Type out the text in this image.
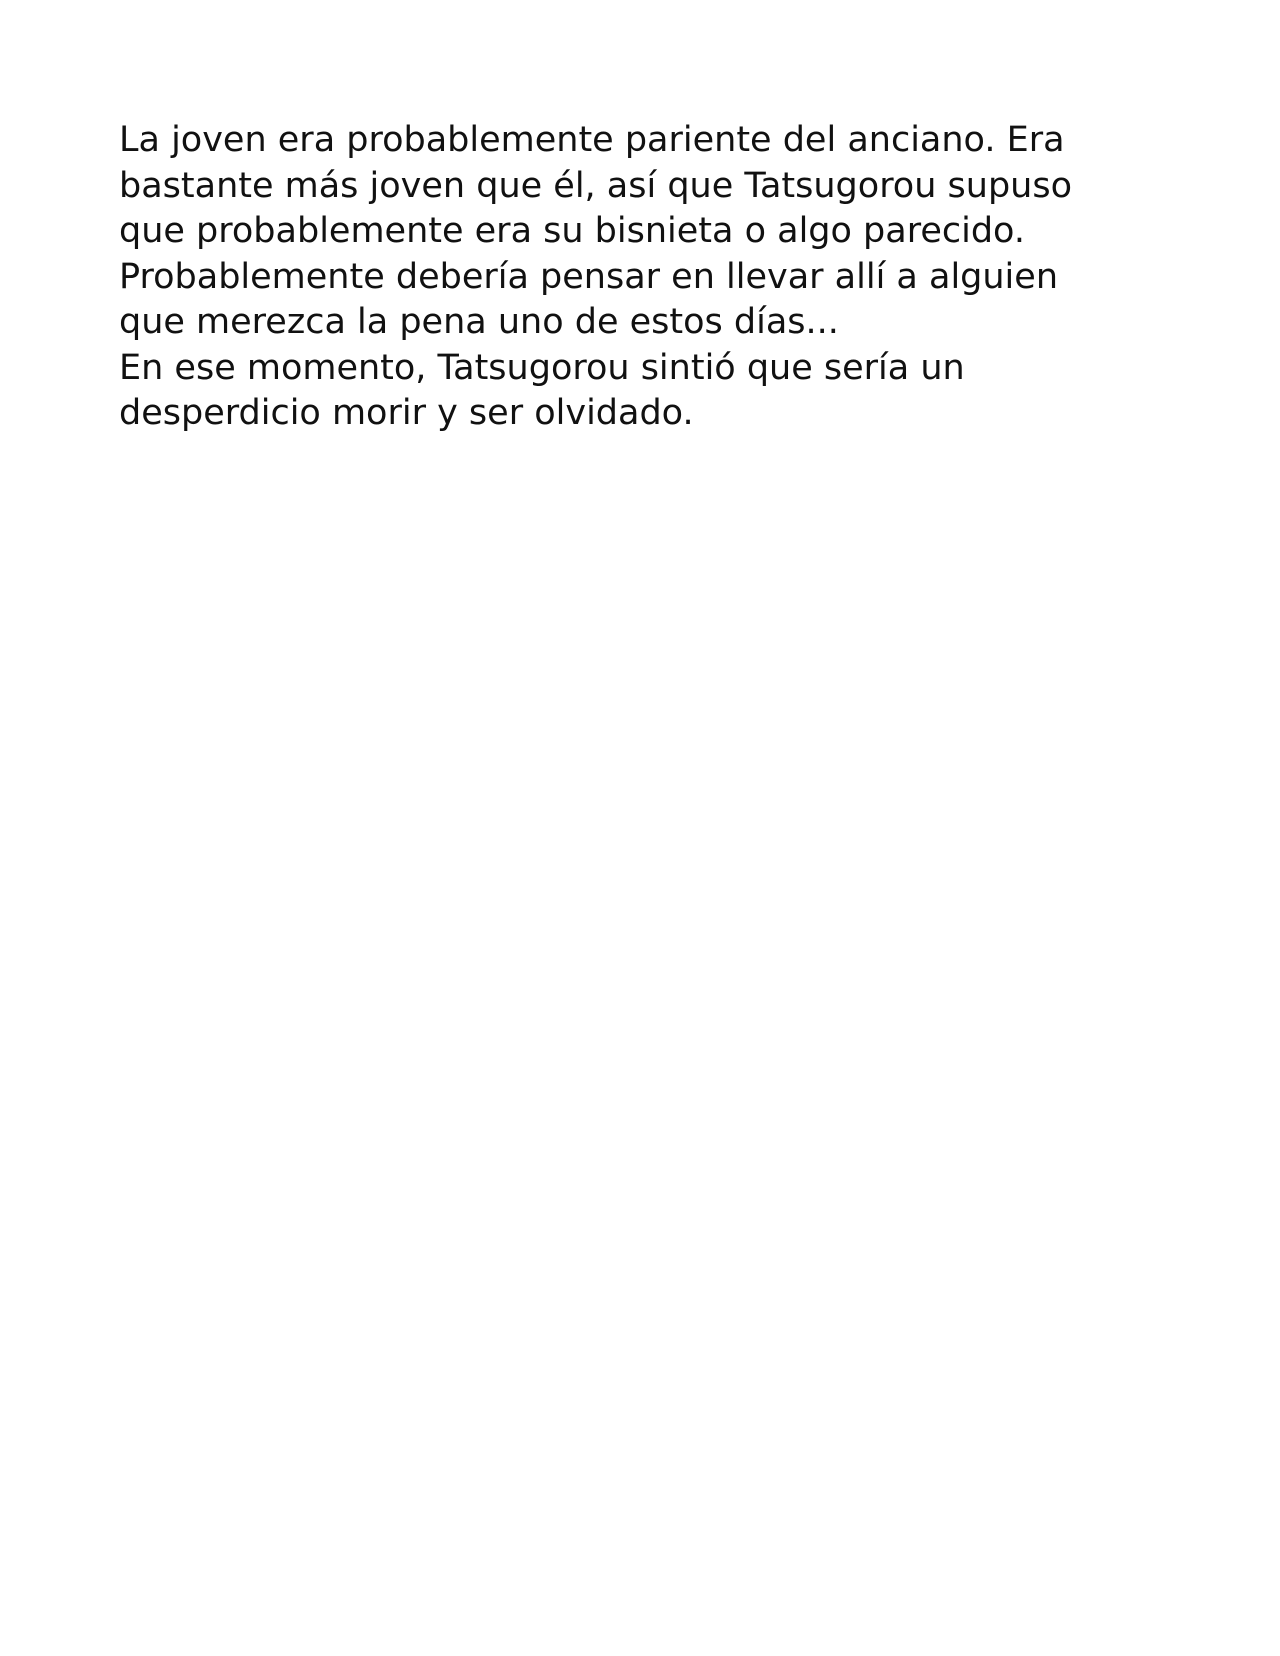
La joven era probablemente pariente del anciano. Era
bastante más joven que él, así que Tatsugorou supuso
que probablemente era su bisnieta o algo parecido.
Probablemente debería pensar en llevar allí a alguien
que merezca la pena uno de estos días...
En ese momento, Tatsugorou sintió que sería un
desperdicio morir y ser olvidado.
